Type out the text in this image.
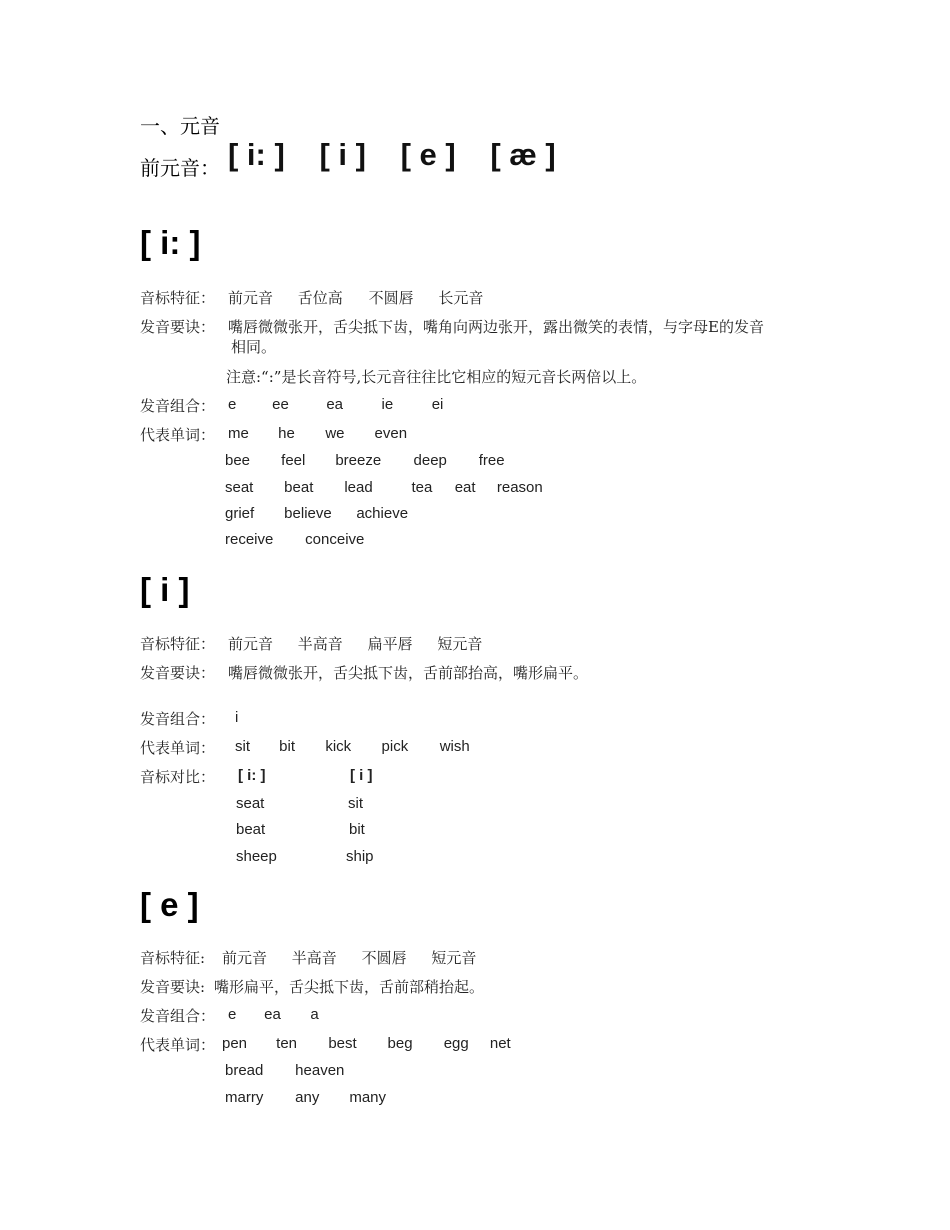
一、元音
前元音： [ i: ] [ i ] [ e ] [ æ ]
[ i: ]
音标特征： 前元音 舌位高 不圆唇 长元音
发音要诀： 嘴唇微微张开，舌尖抵下齿，嘴角向两边张开，露出微笑的表情，与字母E的发音
相同。
注意:“:”是长音符号,长元音往往比它相应的短元音长两倍以上。
发音组合： e ee ea	ie	ei
代表单词： me he we even
bee feel breeze deep free
seat beat lead	tea eat reason
grief believe achieve
receive conceive
[ i ]
音标特征： 前元音 半高音 扁平唇 短元音
发音要诀： 嘴唇微微张开，舌尖抵下齿，舌前部抬高，嘴形扁平。
发音组合： i
代表单词： sit bit kick pick wish
音标对比： [ i: ]	[ i ]
seat	sit
beat	bit
sheep	ship
[ e ]
音标特征: 前元音 半高音 不圆唇 短元音
发音要诀: 嘴形扁平，舌尖抵下齿，舌前部稍抬起。
发音组合： e ea a
代表单词： pen ten best beg egg net
bread heaven
marry any many
